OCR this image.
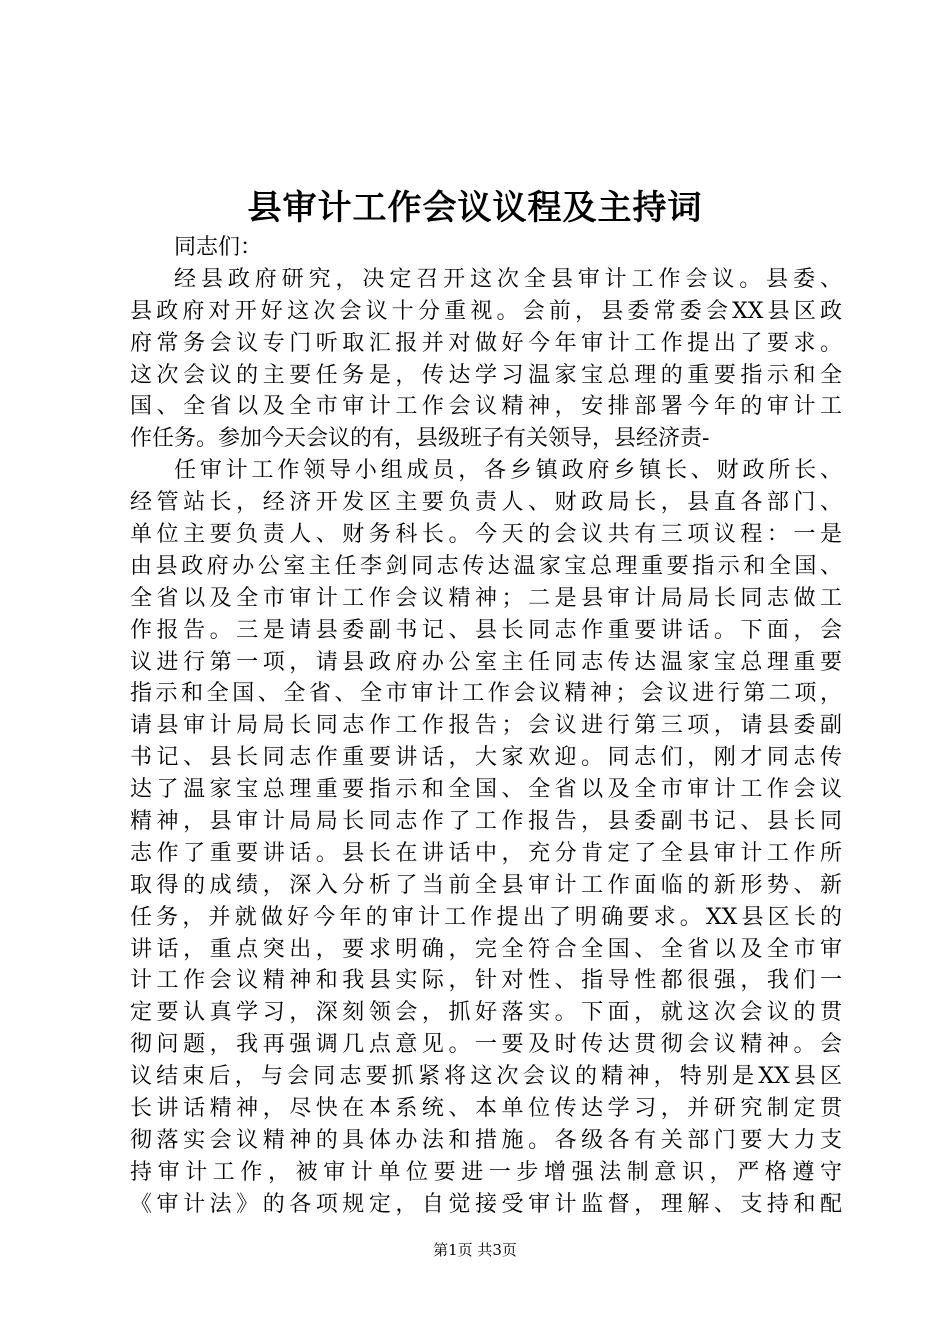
县审计工作会议议程及主持词
同志们：
经县政府研究，决定召开这次全县审计工作会议。县委、
县政府对开好这次会议十分重视。会前，县委常委会XX县区政
府常务会议专门听取汇报并对做好今年审计工作提出了要求。
这次会议的主要任务是，传达学习温家宝总理的重要指示和全
国、全省以及全市审计工作会议精神，安排部署今年的审计工
作任务。参加今天会议的有，县级班子有关领导，县经济责-
任审计工作领导小组成员，各乡镇政府乡镇长、财政所长、
经管站长，经济开发区主要负责人、财政局长，县直各部门、
单位主要负责人、财务科长。今天的会议共有三项议程：一是
由县政府办公室主任李剑同志传达温家宝总理重要指示和全国、
全省以及全市审计工作会议精神；二是县审计局局长同志做工
作报告。三是请县委副书记、县长同志作重要讲话。下面，会
议进行第一项，请县政府办公室主任同志传达温家宝总理重要
指示和全国、全省、全市审计工作会议精神；会议进行第二项，
请县审计局局长同志作工作报告；会议进行第三项，请县委副
书记、县长同志作重要讲话，大家欢迎。同志们，刚才同志传
达了温家宝总理重要指示和全国、全省以及全市审计工作会议
精神，县审计局局长同志作了工作报告，县委副书记、县长同
志作了重要讲话。县长在讲话中，充分肯定了全县审计工作所
取得的成绩，深入分析了当前全县审计工作面临的新形势、新
任务，并就做好今年的审计工作提出了明确要求。XX县区长的
讲话，重点突出，要求明确，完全符合全国、全省以及全市审
计工作会议精神和我县实际，针对性、指导性都很强，我们一
定要认真学习，深刻领会，抓好落实。下面，就这次会议的贯
彻问题，我再强调几点意见。一要及时传达贯彻会议精神。会
议结束后，与会同志要抓紧将这次会议的精神，特别是XX县区
长讲话精神，尽快在本系统、本单位传达学习，并研究制定贯
彻落实会议精神的具体办法和措施。各级各有关部门要大力支
持审计工作，被审计单位要进一步增强法制意识，严格遵守
《审计法》的各项规定，自觉接受审计监督，理解、支持和配
第1页 共3页
